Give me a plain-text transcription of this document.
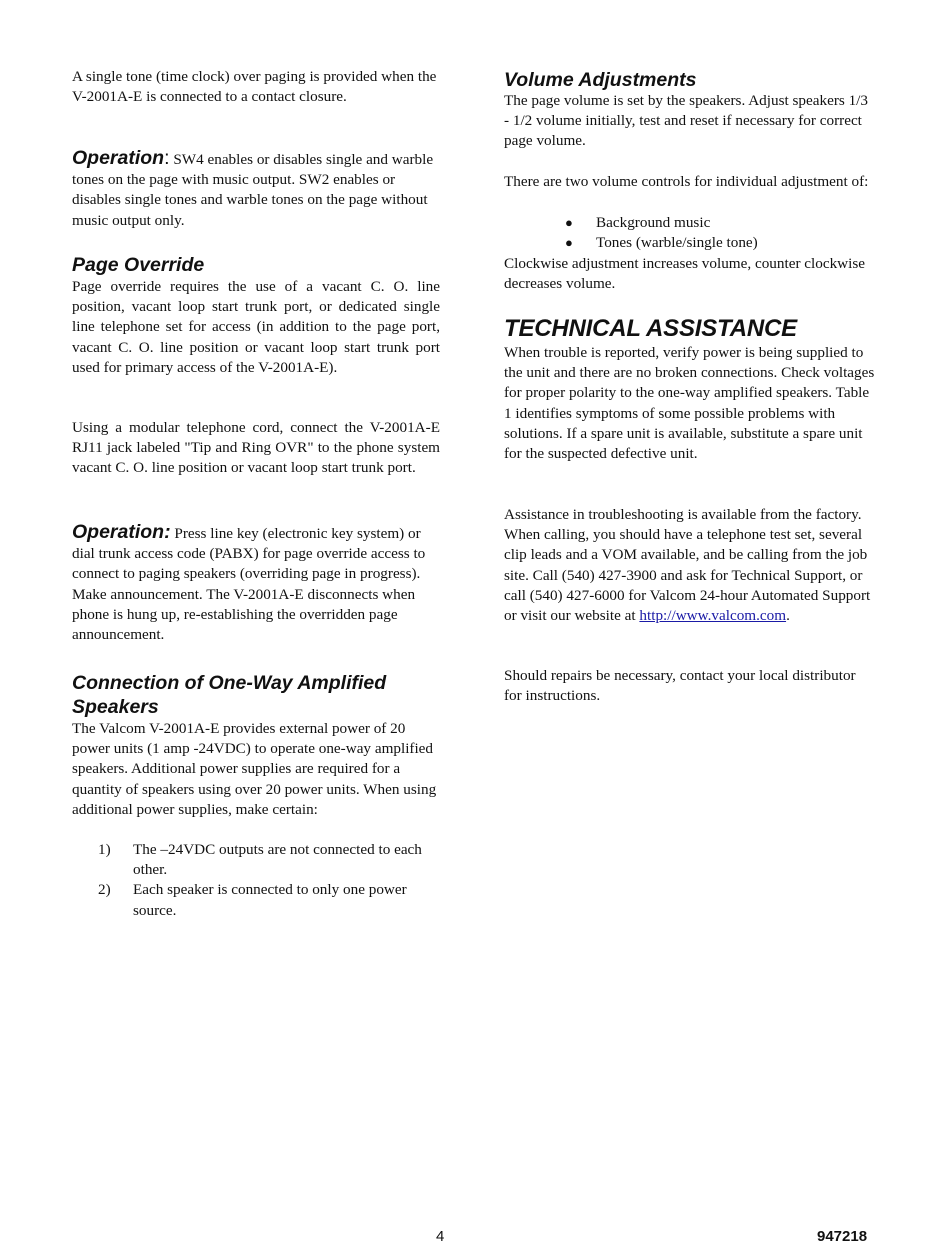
A single tone (time clock) over paging is provided when the V-2001A-E is connected to a contact closure.

Operation: SW4 enables or disables single and warble tones on the page with music output. SW2 enables or disables single tones and warble tones on the page without music output only.

Page Override

Page override requires the use of a vacant C. O. line position, vacant loop start trunk port, or dedicated single line telephone set for access (in addition to the page port, vacant C. O. line position or vacant loop start trunk port used for primary access of the V-2001A-E).

Using a modular telephone cord, connect the V-2001A-E RJ11 jack labeled "Tip and Ring OVR" to the phone system vacant C. O. line position or vacant loop start trunk port.

Operation: Press line key (electronic key system) or dial trunk access code (PABX) for page override access to connect to paging speakers (overriding page in progress). Make announcement. The V-2001A-E disconnects when phone is hung up, re-establishing the overridden page announcement.

Connection of One-Way Amplified Speakers

The Valcom V-2001A-E provides external power of 20 power units (1 amp -24VDC) to operate one-way amplified speakers. Additional power supplies are required for a quantity of speakers using over 20 power units. When using additional power supplies, make certain:

1) The –24VDC outputs are not connected to each other.
2) Each speaker is connected to only one power source.
Volume Adjustments

The page volume is set by the speakers. Adjust speakers 1/3 - 1/2 volume initially, test and reset if necessary for correct page volume.

There are two volume controls for individual adjustment of:

● Background music
● Tones (warble/single tone)

Clockwise adjustment increases volume, counter clockwise decreases volume.

TECHNICAL ASSISTANCE

When trouble is reported, verify power is being supplied to the unit and there are no broken connections. Check voltages for proper polarity to the one-way amplified speakers. Table 1 identifies symptoms of some possible problems with solutions. If a spare unit is available, substitute a spare unit for the suspected defective unit.

Assistance in troubleshooting is available from the factory. When calling, you should have a telephone test set, several clip leads and a VOM available, and be calling from the job site. Call (540) 427-3900 and ask for Technical Support, or call (540) 427-6000 for Valcom 24-hour Automated Support or visit our website at http://www.valcom.com.

Should repairs be necessary, contact your local distributor for instructions.

4	947218
